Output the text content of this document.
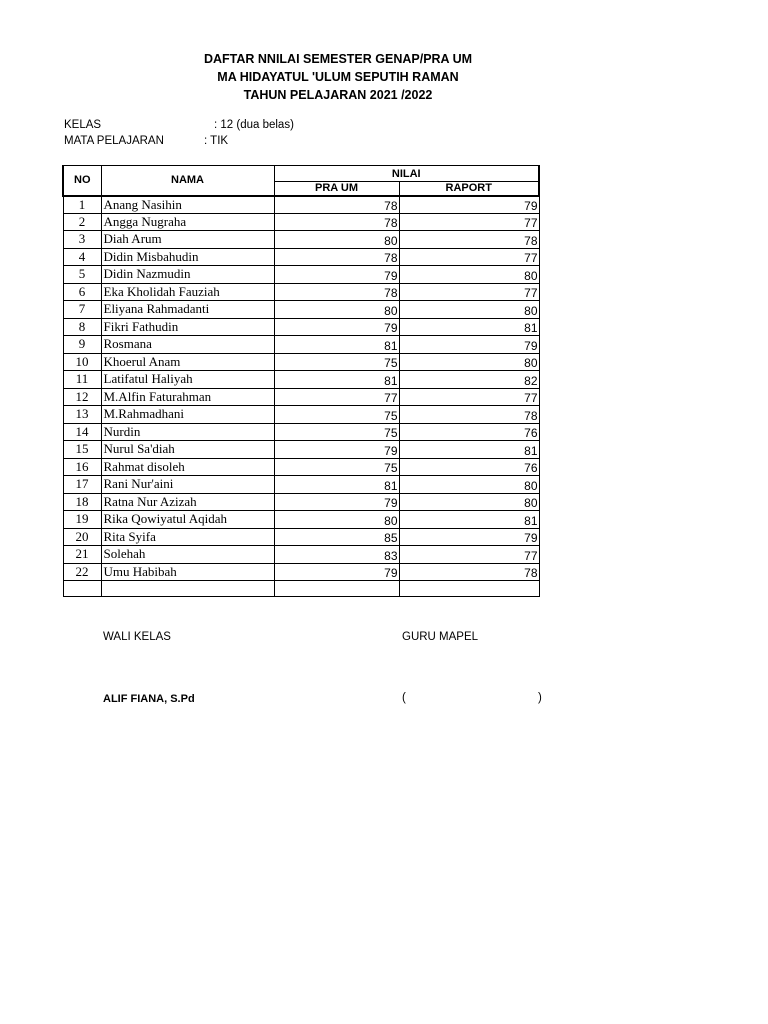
DAFTAR NNILAI SEMESTER GENAP/PRA UM
MA HIDAYATUL 'ULUM SEPUTIH RAMAN
TAHUN PELAJARAN 2021 /2022
KELAS	: 12 (dua belas)
MATA PELAJARAN	: TIK
NO	NAMA	NILAI	
		PRA UM	RAPORT
1	Anang Nasihin	78	79
2	Angga Nugraha	78	77
3	Diah Arum	80	78
4	Didin Misbahudin	78	77
5	Didin Nazmudin	79	80
6	Eka Kholidah Fauziah	78	77
7	Eliyana Rahmadanti	80	80
8	Fikri Fathudin	79	81
9	Rosmana	81	79
10	Khoerul Anam	75	80
11	Latifatul Haliyah	81	82
12	M.Alfin Faturahman	77	77
13	M.Rahmadhani	75	78
14	Nurdin	75	76
15	Nurul Sa'diah	79	81
16	Rahmat disoleh	75	76
17	Rani Nur'aini	81	80
18	Ratna Nur Azizah	79	80
19	Rika Qowiyatul Aqidah	80	81
20	Rita Syifa	85	79
21	Solehah	83	77
22	Umu Habibah	79	78

WALI KELAS	GURU MAPEL
ALIF FIANA, S.Pd	(	)
